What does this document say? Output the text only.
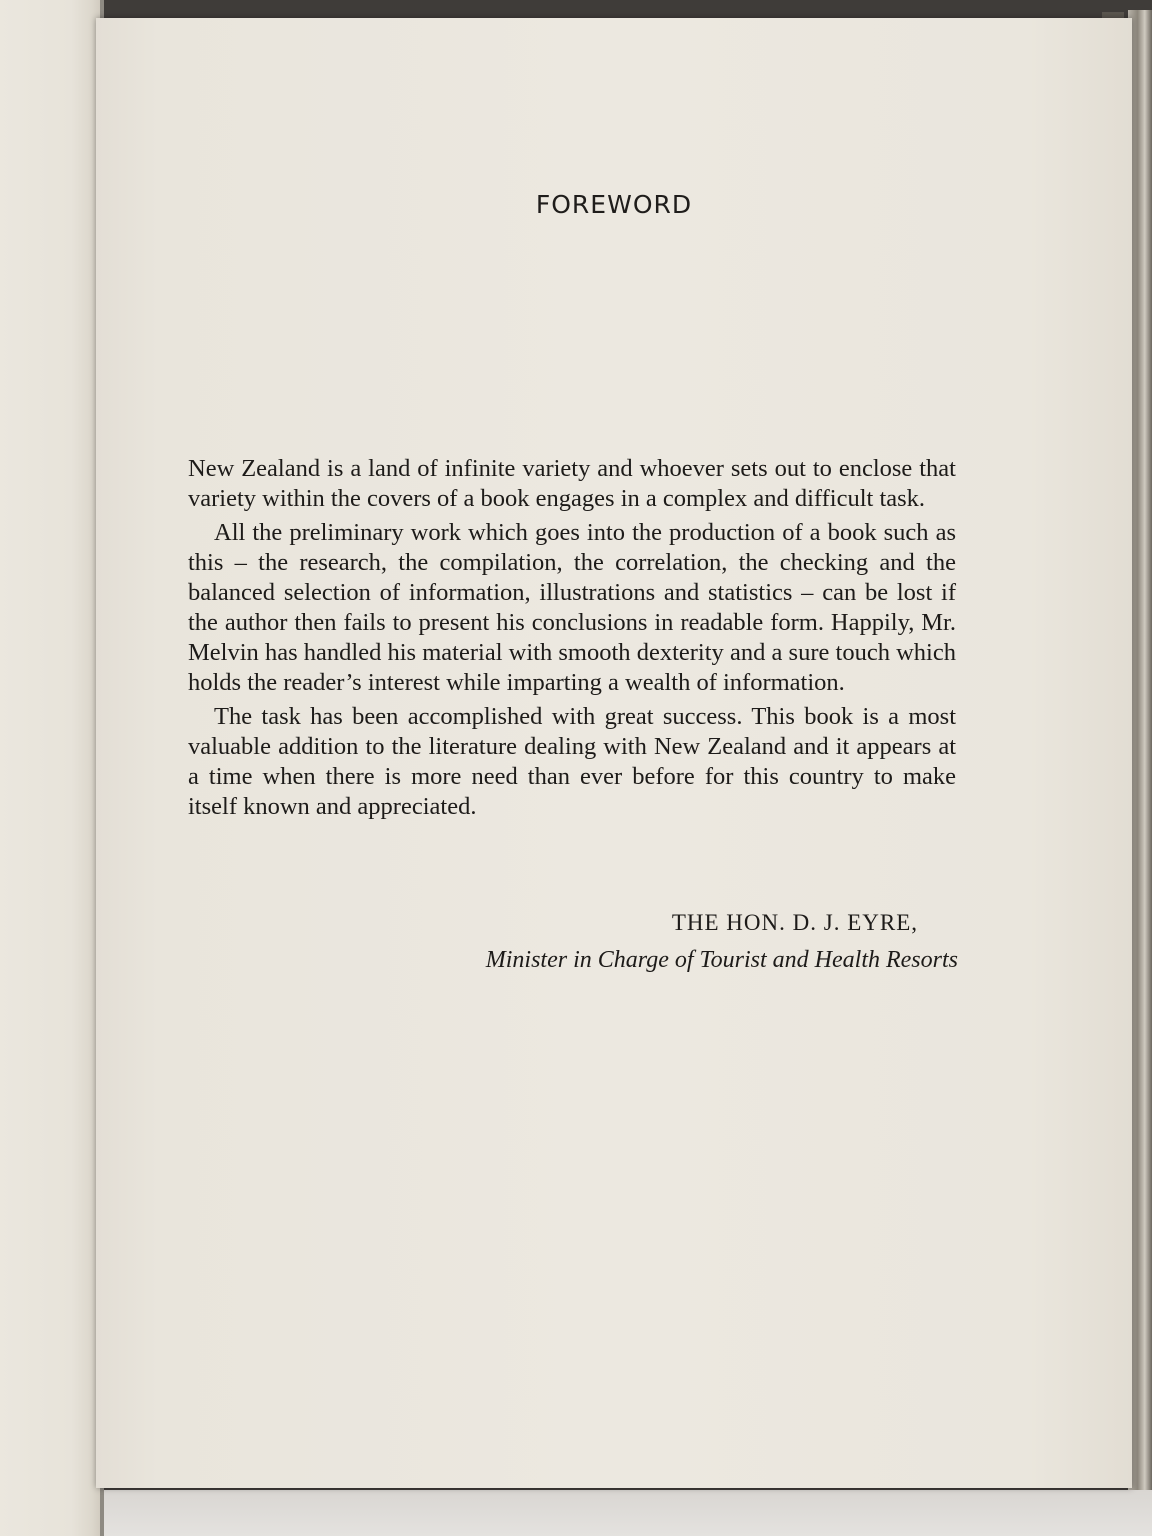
FOREWORD

New Zealand is a land of infinite variety and whoever sets out to enclose that variety within the covers of a book engages in a complex and difficult task.

All the preliminary work which goes into the production of a book such as this – the research, the compilation, the correlation, the checking and the balanced selection of information, illustrations and statistics – can be lost if the author then fails to present his conclusions in readable form. Happily, Mr. Melvin has handled his material with smooth dexterity and a sure touch which holds the reader’s interest while imparting a wealth of information.

The task has been accomplished with great success. This book is a most valuable addition to the literature dealing with New Zealand and it appears at a time when there is more need than ever before for this country to make itself known and appreciated.

THE HON. D. J. EYRE,
Minister in Charge of Tourist and Health Resorts
